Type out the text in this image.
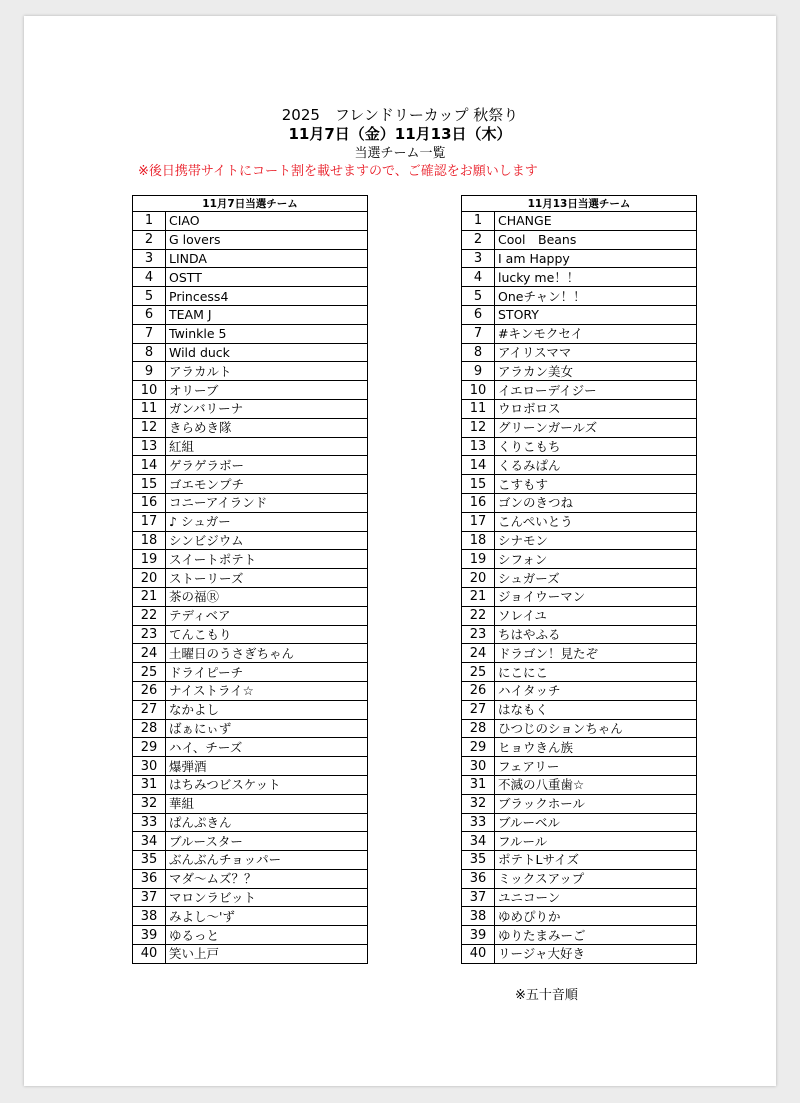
2025　フレンドリーカップ 秋祭り
11月7日（金）11月13日（木）
当選チーム一覧
※後日携帯サイトにコート割を載せますので、ご確認をお願いします
11月7日当選チーム	
1	CIAO
2	G lovers
3	LINDA
4	OSTT
5	Princess4
6	TEAM J
7	Twinkle 5
8	Wild duck
9	アラカルト
10	オリーブ
11	ガンバリーナ
12	きらめき隊
13	紅組
14	ゲラゲラボー
15	ゴエモンプチ
16	コニーアイランド
17	♪ シュガー
18	シンビジウム
19	スイートポテト
20	ストーリーズ
21	茶の福Ⓡ
22	テディベア
23	てんこもり
24	土曜日のうさぎちゃん
25	ドライピーチ
26	ナイストライ☆
27	なかよし
28	ばぁにぃず
29	ハイ、チーズ
30	爆弾酒
31	はちみつビスケット
32	華組
33	ぱんぷきん
34	ブルースター
35	ぶんぶんチョッパー
36	マダ〜ムズ？？
37	マロンラビット
38	みよし〜'ず
39	ゆるっと
40	笑い上戸
11月13日当選チーム	
1	CHANGE
2	Cool　Beans
3	I am Happy
4	lucky me！！
5	Oneチャン！！
6	STORY
7	#キンモクセイ
8	アイリスママ
9	アラカン美女
10	イエローデイジー
11	ウロボロス
12	グリーンガールズ
13	くりこもち
14	くるみぱん
15	こすもす
16	ゴンのきつね
17	こんぺいとう
18	シナモン
19	シフォン
20	シュガーズ
21	ジョイウーマン
22	ソレイユ
23	ちはやふる
24	ドラゴン！見たぞ
25	にこにこ
26	ハイタッチ
27	はなもく
28	ひつじのションちゃん
29	ヒョウきん族
30	フェアリー
31	不滅の八重歯☆
32	ブラックホール
33	ブルーベル
34	フルール
35	ポテトLサイズ
36	ミックスアップ
37	ユニコーン
38	ゆめぴりか
39	ゆりたまみーご
40	リージャ大好き
※五十音順
